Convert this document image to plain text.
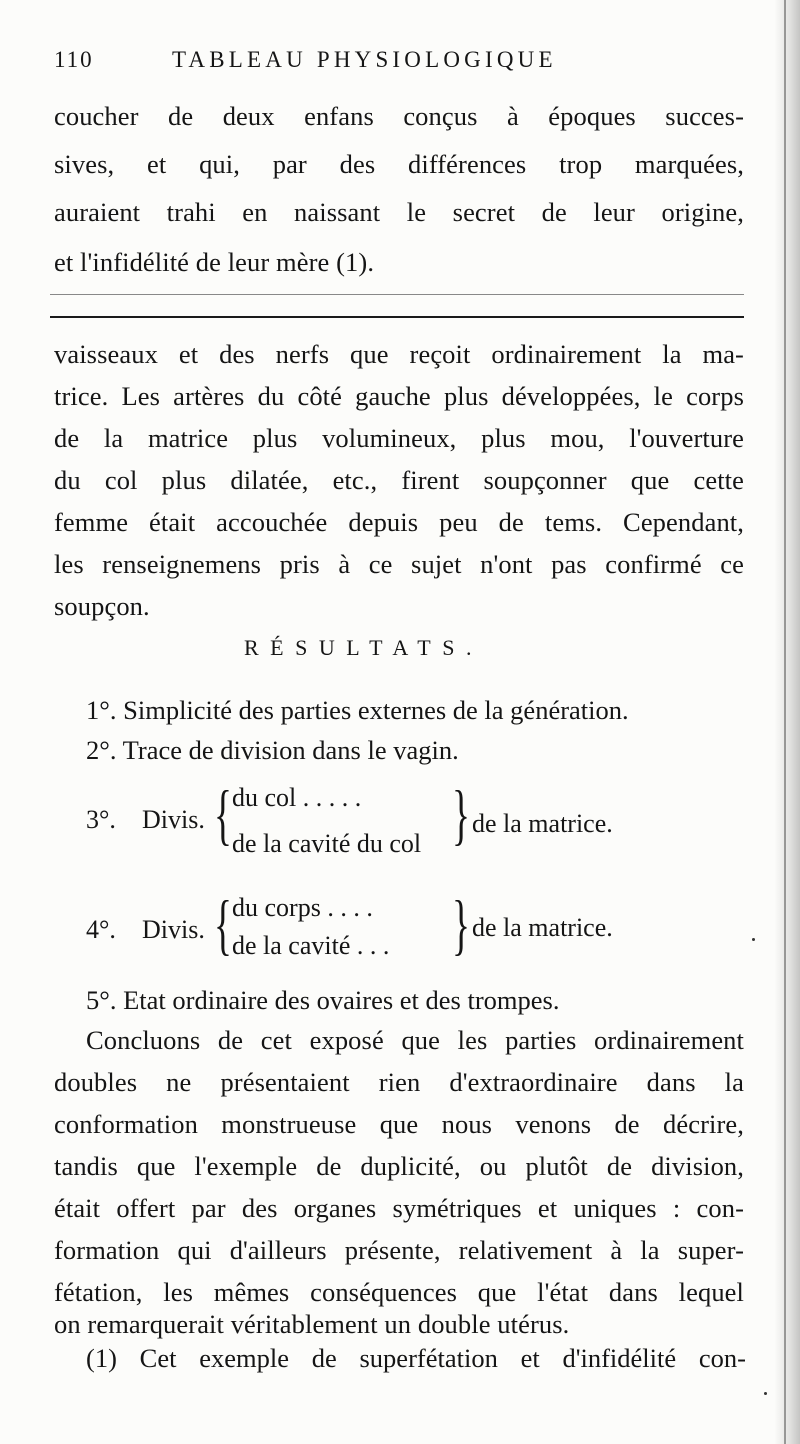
110	TABLEAU PHYSIOLOGIQUE
coucher de deux enfans conçus à époques succes-
sives, et qui, par des différences trop marquées,
auraient trahi en naissant le secret de leur origine,
et l'infidélité de leur mère (1).
vaisseaux et des nerfs que reçoit ordinairement la ma-
trice. Les artères du côté gauche plus développées, le corps
de la matrice plus volumineux, plus mou, l'ouverture
du col plus dilatée, etc., firent soupçonner que cette
femme était accouchée depuis peu de tems. Cependant,
les renseignemens pris à ce sujet n'ont pas confirmé ce
soupçon.
RÉSULTATS.
1°. Simplicité des parties externes de la génération.
2°. Trace de division dans le vagin.
3°. Divis. { du col . . . . .
de la cavité du col } de la matrice.
4°. Divis. { du corps . . . .
de la cavité . . . } de la matrice.
5°. Etat ordinaire des ovaires et des trompes.
Concluons de cet exposé que les parties ordinairement
doubles ne présentaient rien d'extraordinaire dans la
conformation monstrueuse que nous venons de décrire,
tandis que l'exemple de duplicité, ou plutôt de division,
était offert par des organes symétriques et uniques : con-
formation qui d'ailleurs présente, relativement à la super-
fétation, les mêmes conséquences que l'état dans lequel
on remarquerait véritablement un double utérus.
(1) Cet exemple de superfétation et d'infidélité con-
